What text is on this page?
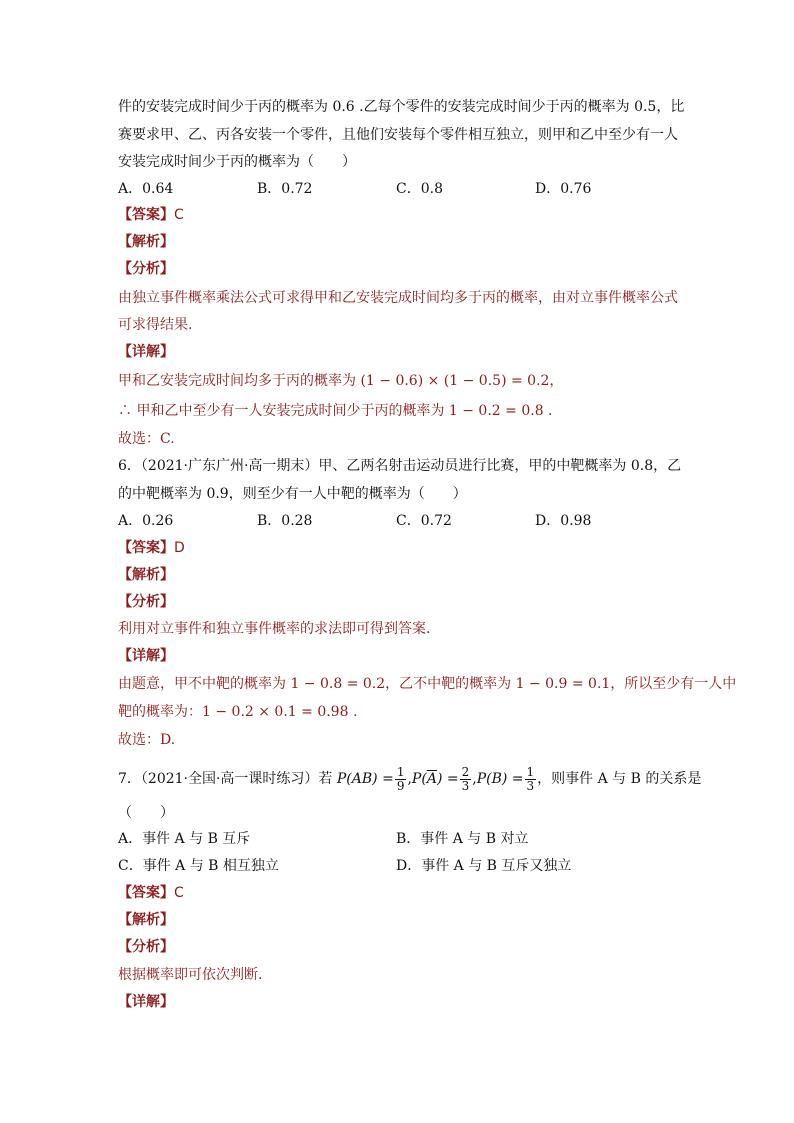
件的安装完成时间少于丙的概率为 0.6 .乙每个零件的安装完成时间少于丙的概率为 0.5，比
赛要求甲、乙、丙各安装一个零件，且他们安装每个零件相互独立，则甲和乙中至少有一人
安装完成时间少于丙的概率为（　　）
A．0.64	B．0.72	C．0.8	D．0.76
【答案】C
【解析】
【分析】
由独立事件概率乘法公式可求得甲和乙安装完成时间均多于丙的概率，由对立事件概率公式
可求得结果.
【详解】
甲和乙安装完成时间均多于丙的概率为 (1 − 0.6) × (1 − 0.5) = 0.2，
∴ 甲和乙中至少有一人安装完成时间少于丙的概率为 1 − 0.2 = 0.8 .
故选：C.
6．（2021·广东广州·高一期末）甲、乙两名射击运动员进行比赛，甲的中靶概率为 0.8，乙
的中靶概率为 0.9，则至少有一人中靶的概率为（　　）
A．0.26	B．0.28	C．0.72	D．0.98
【答案】D
【解析】
【分析】
利用对立事件和独立事件概率的求法即可得到答案.
【详解】
由题意，甲不中靶的概率为 1 − 0.8 = 0.2，乙不中靶的概率为 1 − 0.9 = 0.1，所以至少有一人中
靶的概率为：1 − 0.2 × 0.1 = 0.98 .
故选：D.
7．（2021·全国·高一课时练习）若 $P(AB) = \frac{1}{9} ,P(\overline{A}) = \frac{2}{3} ,P(B) = \frac{1}{3}$ ，则事件 A 与 B 的关系是
（　　）
A．事件 A 与 B 互斥	B．事件 A 与 B 对立
C．事件 A 与 B 相互独立	D．事件 A 与 B 互斥又独立
【答案】C
【解析】
【分析】
根据概率即可依次判断.
【详解】
